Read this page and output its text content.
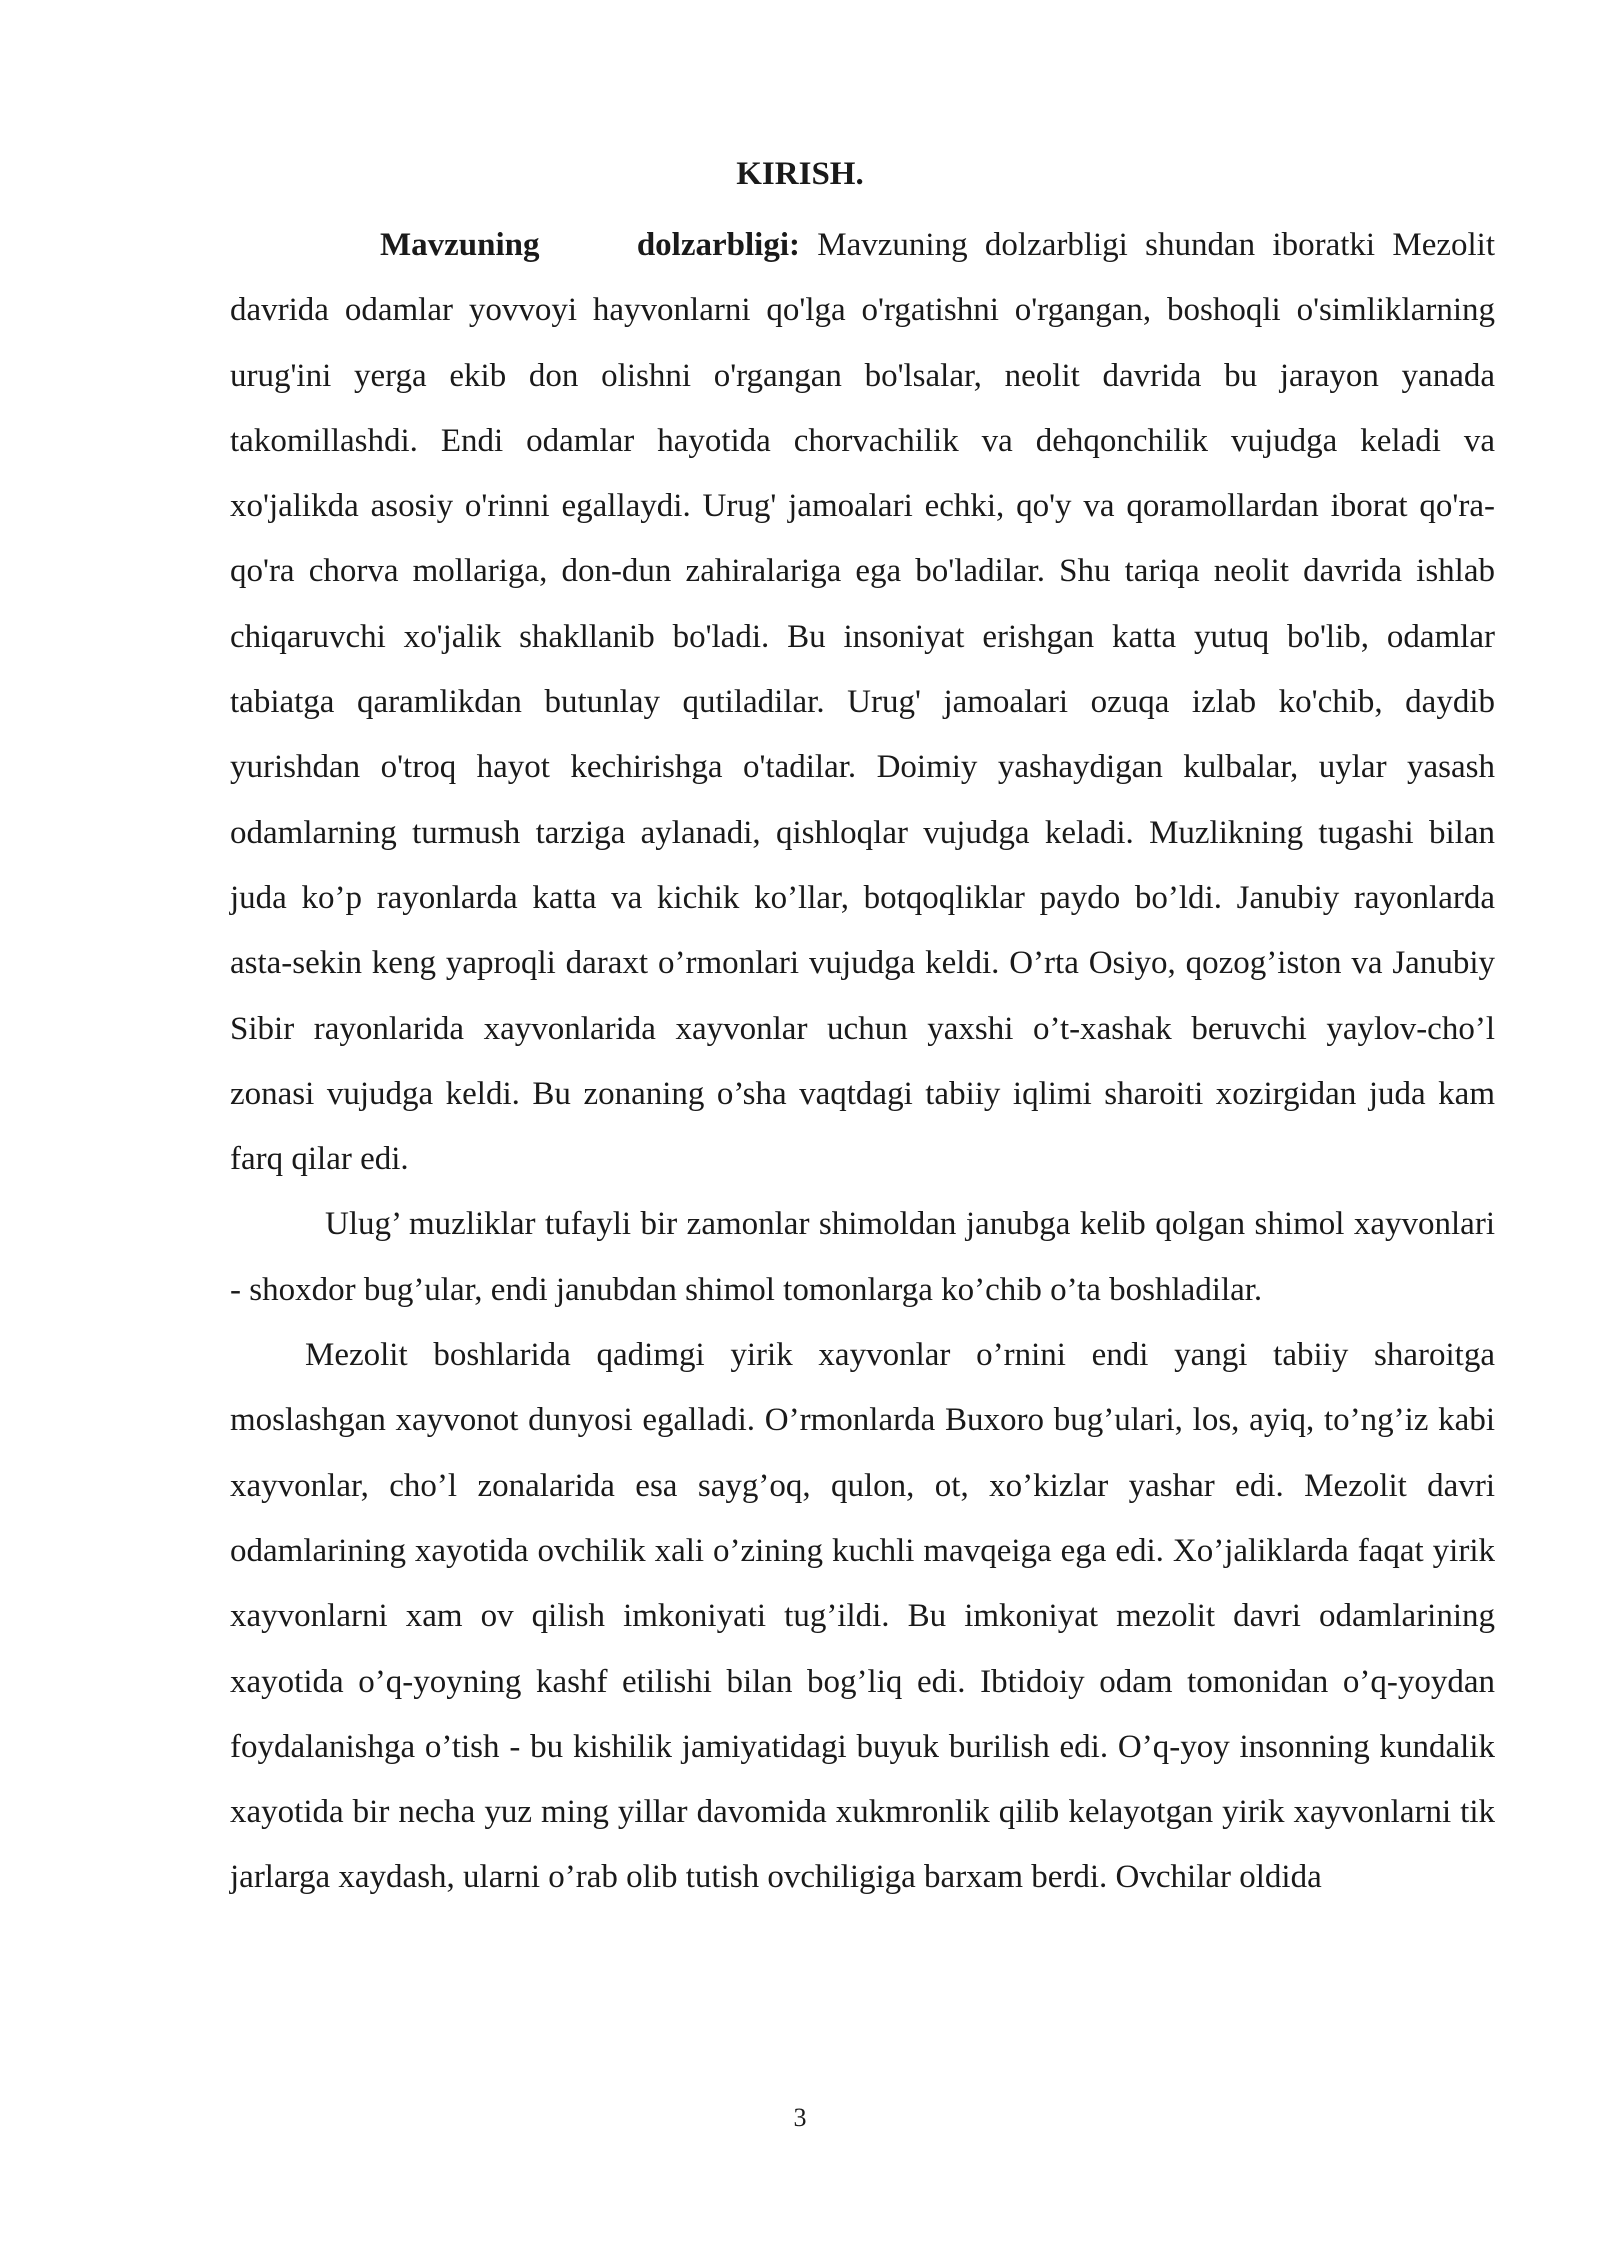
KIRISH.

Mavzuning dolzarbligi: Mavzuning dolzarbligi shundan iboratki Mezolit davrida odamlar yovvoyi hayvonlarni qo'lga o'rgatishni o'rgangan, boshoqli o'simliklarning urug'ini yerga ekib don olishni o'rgangan bo'lsalar, neolit davrida bu jarayon yanada takomillashdi. Endi odamlar hayotida chorvachilik va dehqonchilik vujudga keladi va xo'jalikda asosiy o'rinni egallaydi. Urug' jamoalari echki, qo'y va qoramollardan iborat qo'ra-qo'ra chorva mollariga, don-dun zahiralariga ega bo'ladilar. Shu tariqa neolit davrida ishlab chiqaruvchi xo'jalik shakllanib bo'ladi. Bu insoniyat erishgan katta yutuq bo'lib, odamlar tabiatga qaramlikdan butunlay qutiladilar. Urug' jamoalari ozuqa izlab ko'chib, daydib yurishdan o'troq hayot kechirishga o'tadilar. Doimiy yashaydigan kulbalar, uylar yasash odamlarning turmush tarziga aylanadi, qishloqlar vujudga keladi. Muzlikning tugashi bilan juda ko’p rayonlarda katta va kichik ko’llar, botqoqliklar paydo bo’ldi. Janubiy rayonlarda asta-sekin keng yaproqli daraxt o’rmonlari vujudga keldi. O’rta Osiyo, qozog’iston va Janubiy Sibir rayonlarida xayvonlarida xayvonlar uchun yaxshi o’t-xashak beruvchi yaylov-cho’l zonasi vujudga keldi. Bu zonaning o’sha vaqtdagi tabiiy iqlimi sharoiti xozirgidan juda kam farq qilar edi.

Ulug’ muzliklar tufayli bir zamonlar shimoldan janubga kelib qolgan shimol xayvonlari - shoxdor bug’ular, endi janubdan shimol tomonlarga ko’chib o’ta boshladilar.

Mezolit boshlarida qadimgi yirik xayvonlar o’rnini endi yangi tabiiy sharoitga moslashgan xayvonot dunyosi egalladi. O’rmonlarda Buxoro bug’ulari, los, ayiq, to’ng’iz kabi xayvonlar, cho’l zonalarida esa sayg’oq, qulon, ot, xo’kizlar yashar edi. Mezolit davri odamlarining xayotida ovchilik xali o’zining kuchli mavqeiga ega edi. Xo’jaliklarda faqat yirik xayvonlarni xam ov qilish imkoniyati tug’ildi. Bu imkoniyat mezolit davri odamlarining xayotida o’q-yoyning kashf etilishi bilan bog’liq edi. Ibtidoiy odam tomonidan o’q-yoydan foydalanishga o’tish - bu kishilik jamiyatidagi buyuk burilish edi. O’q-yoy insonning kundalik xayotida bir necha yuz ming yillar davomida xukmronlik qilib kelayotgan yirik xayvonlarni tik jarlarga xaydash, ularni o’rab olib tutish ovchiligiga barxam berdi. Ovchilar oldida

3
